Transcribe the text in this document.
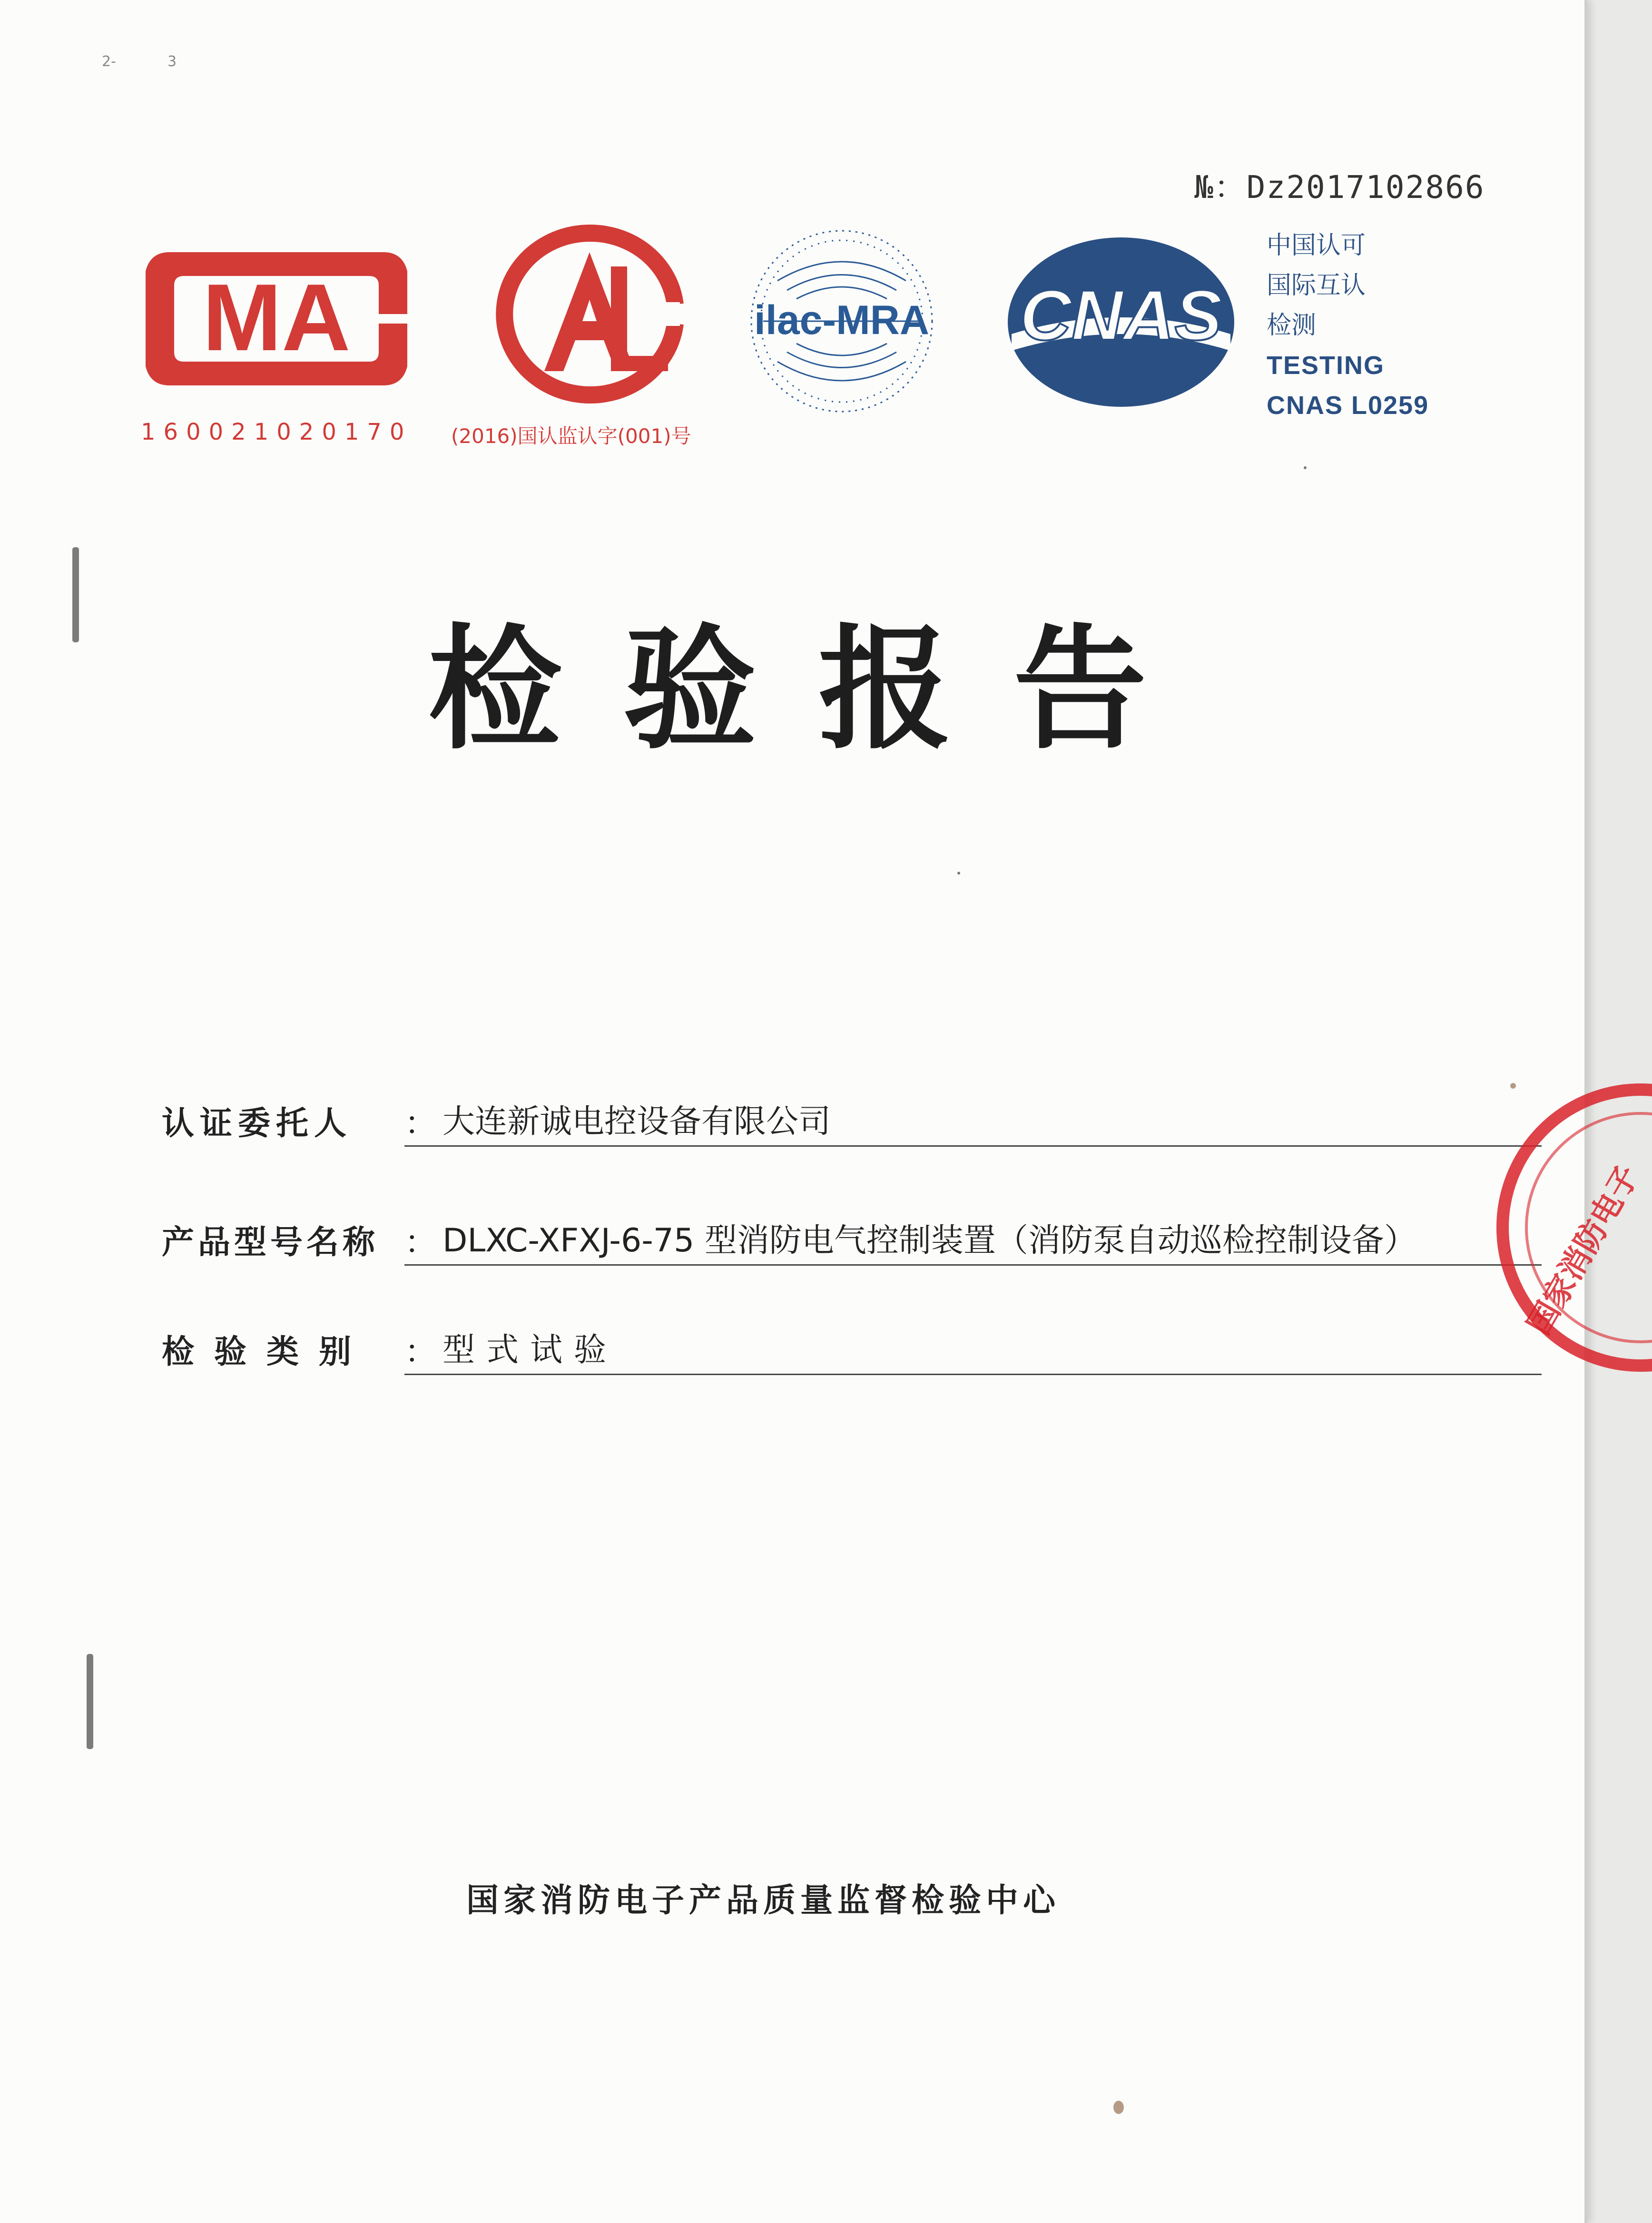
2-	3
№：Dz2017102866
MA
160021020170 (2016)国认监认字(001)号
ilac-MRA CNAS
中国认可
国际互认
检测
TESTING
CNAS L0259
检验报告
认证委托人 ： 大连新诚电控设备有限公司
产品型号名称 ： DLXC-XFXJ-6-75 型消防电气控制装置（消防泵自动巡检控制设备）
检验类别 ： 型式试验
国家消防电子产品质量监督检验中心
国家消防电子
